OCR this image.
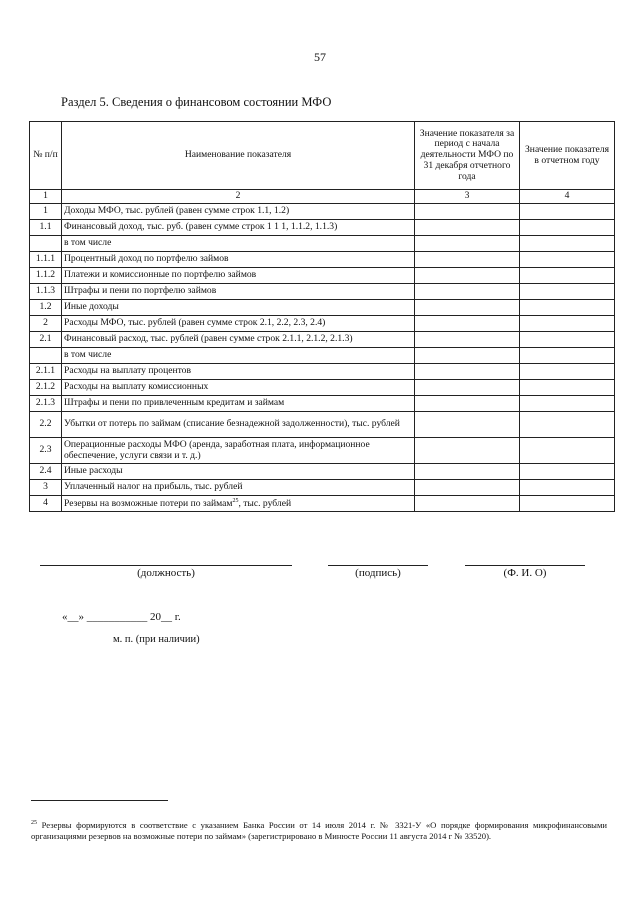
57
Раздел 5. Сведения о финансовом состоянии МФО
№ п/п	Наименование показателя	Значение показателя за период с начала деятельности МФО по 31 декабря отчетного года	Значение показателя в отчетном году
1	2	3	4
1	Доходы МФО, тыс. рублей (равен сумме строк 1.1, 1.2)		
1.1	Финансовый доход, тыс. руб. (равен сумме строк 1 1 1, 1.1.2, 1.1.3)		
	в том числе		
1.1.1	Процентный доход по портфелю займов		
1.1.2	Платежи и комиссионные по портфелю займов		
1.1.3	Штрафы и пени по портфелю займов		
1.2	Иные доходы		
2	Расходы МФО, тыс. рублей (равен сумме строк 2.1, 2.2, 2.3, 2.4)		
2.1	Финансовый расход, тыс. рублей (равен сумме строк 2.1.1, 2.1.2, 2.1.3)		
	в том числе		
2.1.1	Расходы на выплату процентов		
2.1.2	Расходы на выплату комиссионных		
2.1.3	Штрафы и пени по привлеченным кредитам и займам		
2.2	Убытки от потерь по займам (списание безнадежной задолженности), тыс. рублей		
2.3	Операционные расходы МФО (аренда, заработная плата, информационное обеспечение, услуги связи и т. д.)		
2.4	Иные расходы		
3	Уплаченный налог на прибыль, тыс. рублей		
4	Резервы на возможные потери по займам$^{25}$, тыс. рублей		
(должность)	(подпись)	(Ф. И. О)
«__» ___________ 20__ г.
м. п. (при наличии)
$^{25}$ Резервы формируются в соответствие с указанием Банка России от 14 июля 2014 г. № 3321-У «О порядке формирования микрофинансовыми организациями резервов на возможные потери по займам» (зарегистрировано в Минюсте России 11 августа 2014 г № 33520).
